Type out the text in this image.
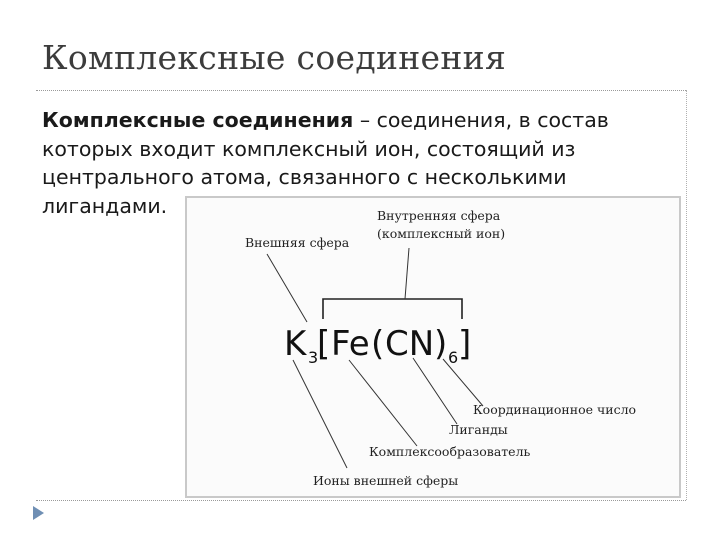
Комплексные соединения
Комплексные соединения – соединения, в состав которых входит комплексный ион, состоящий из центрального атома, связанного с несколькими лигандами.	Внутренняя сфера
(комплексный ион)
Внешняя сфера
K 3
[ Fe ( CN ) 6 ]
Координационное число
Лиганды
Комплексообразователь
Ионы внешней сферы
